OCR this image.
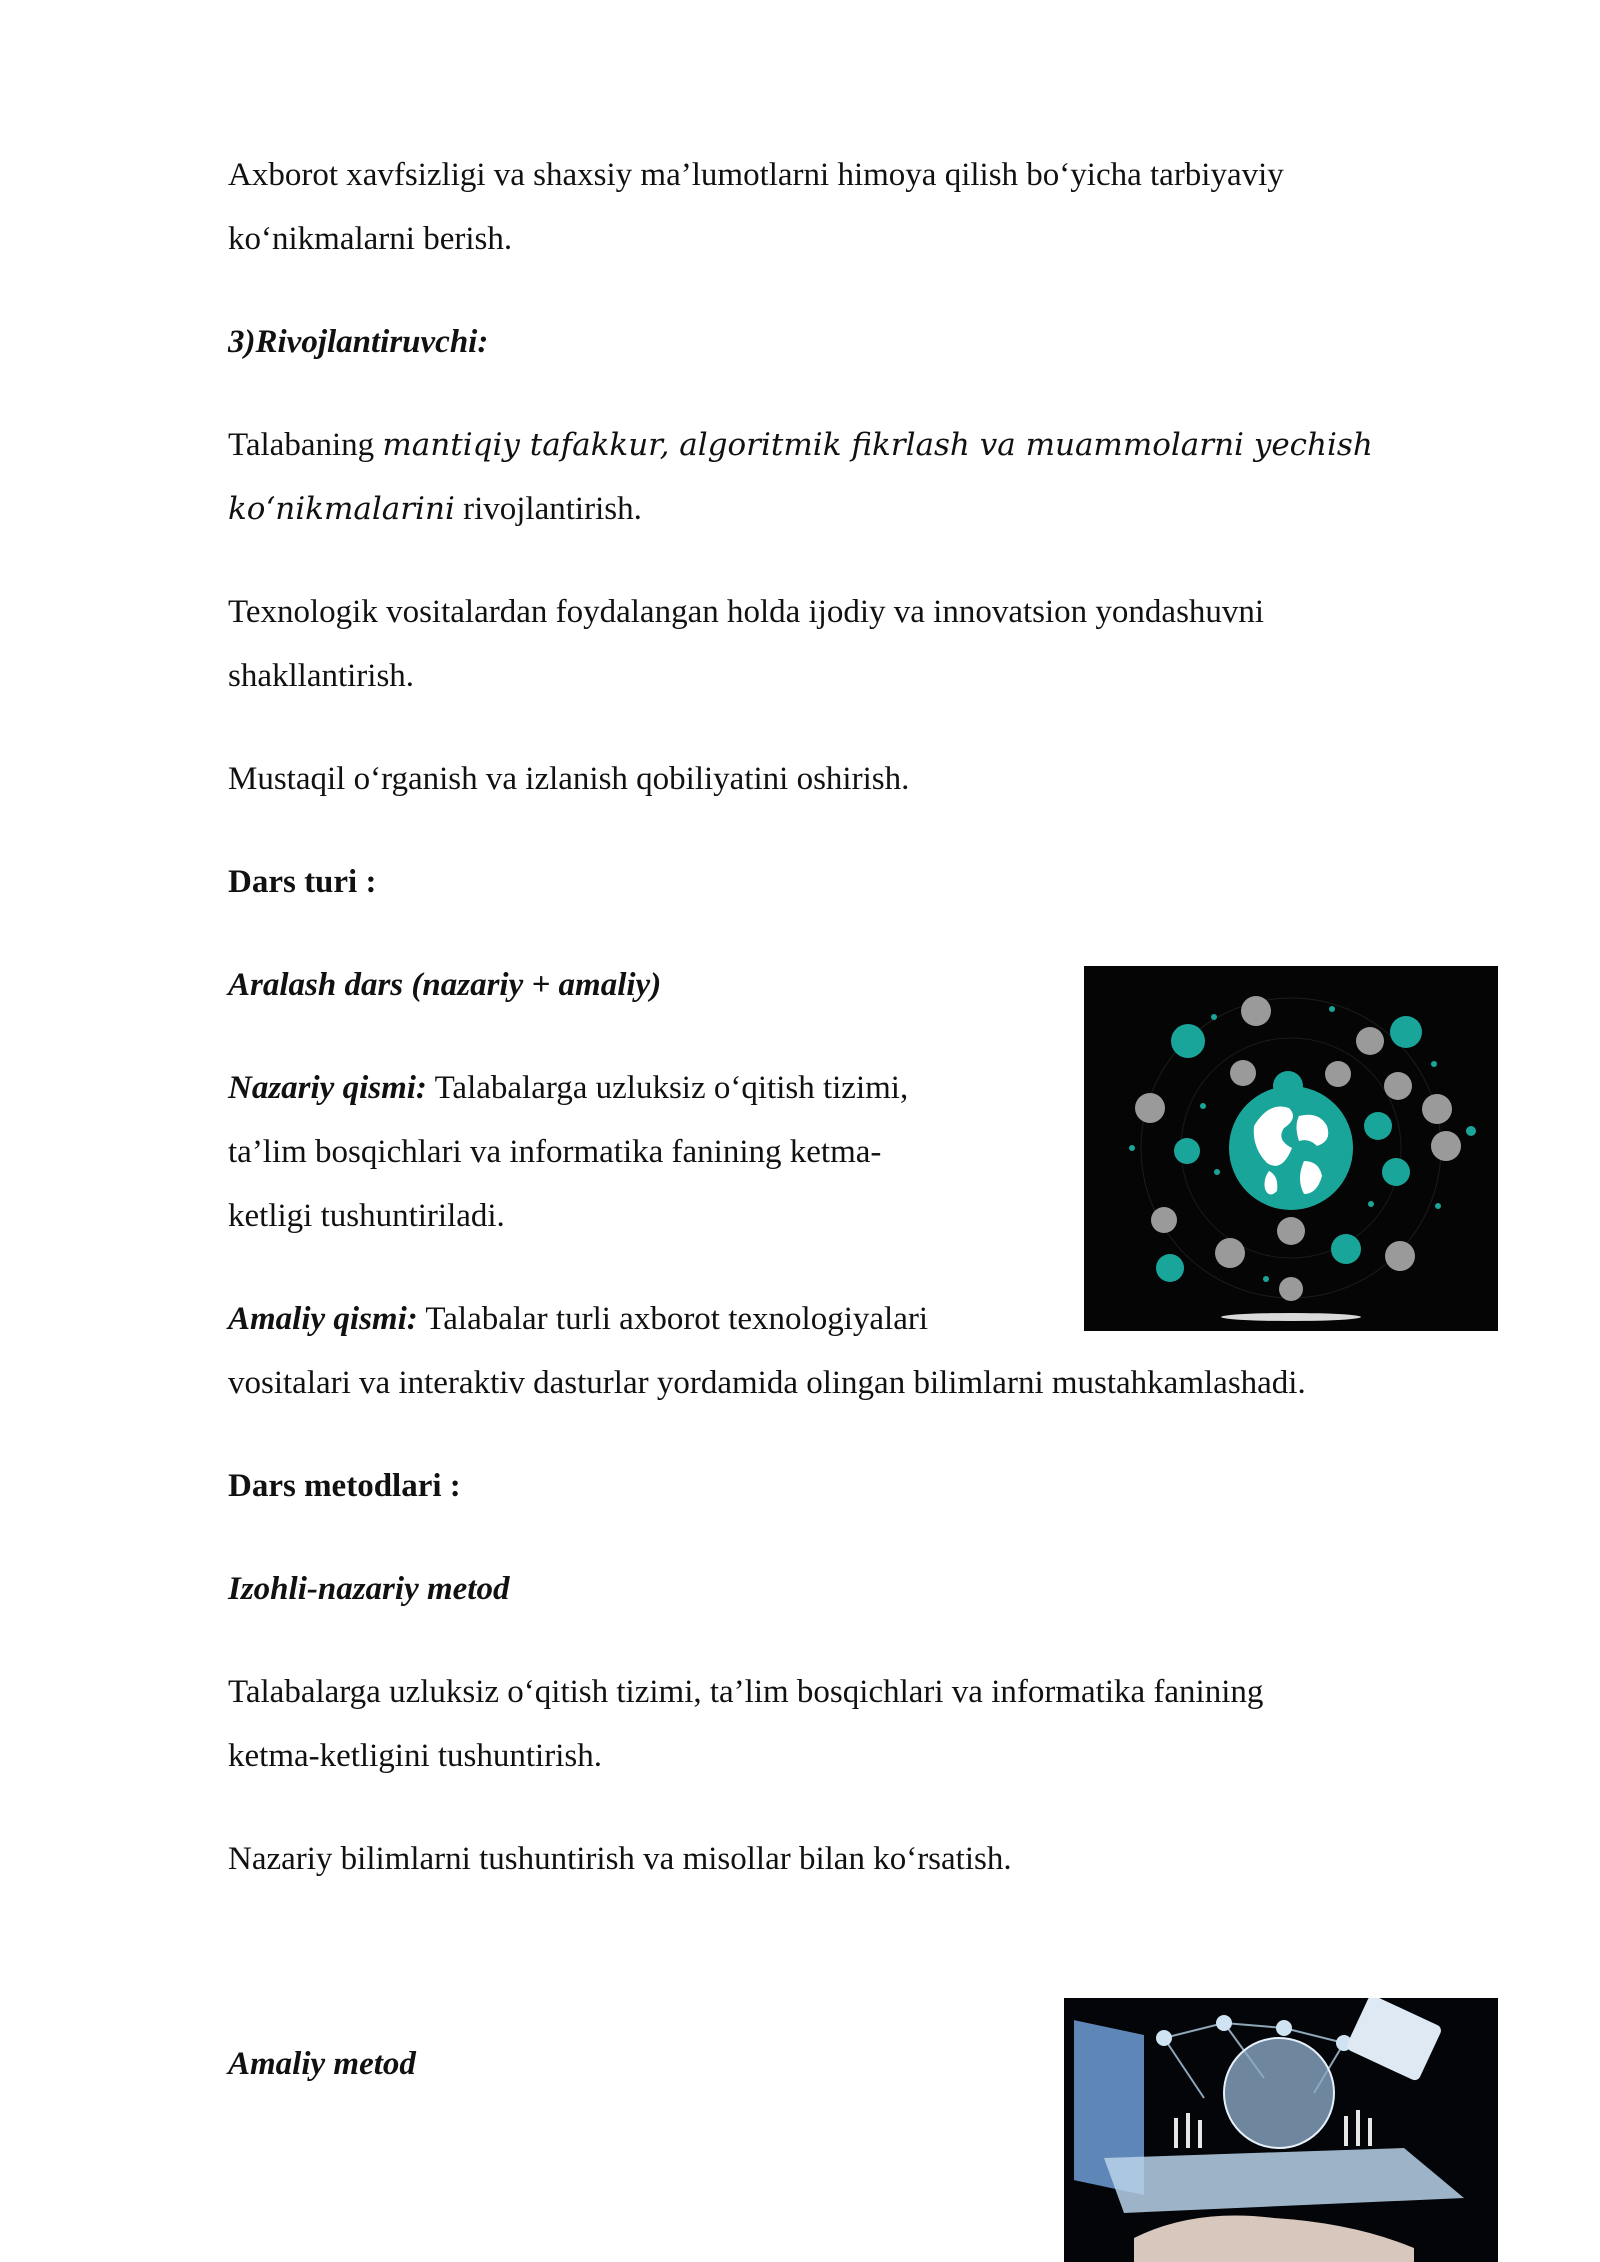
Axborot xavfsizligi va shaxsiy ma’lumotlarni himoya qilish bo‘yicha tarbiyaviy

ko‘nikmalarni berish.

3)Rivojlantiruvchi:

Talabaning mantiqiy tafakkur, algoritmik fikrlash va muammolarni yechish

ko‘nikmalarini rivojlantirish.

Texnologik vositalardan foydalangan holda ijodiy va innovatsion yondashuvni

shakllantirish.

Mustaqil o‘rganish va izlanish qobiliyatini oshirish.

Dars turi :

Aralash dars (nazariy + amaliy)

Nazariy qismi: Talabalarga uzluksiz o‘qitish tizimi,

ta’lim bosqichlari va informatika fanining ketma-

ketligi tushuntiriladi.

Amaliy qismi: Talabalar turli axborot texnologiyalari

vositalari va interaktiv dasturlar yordamida olingan bilimlarni mustahkamlashadi.

Dars metodlari :

Izohli-nazariy metod

Talabalarga uzluksiz o‘qitish tizimi, ta’lim bosqichlari va informatika fanining

ketma-ketligini tushuntirish.

Nazariy bilimlarni tushuntirish va misollar bilan ko‘rsatish.

Amaliy metod
